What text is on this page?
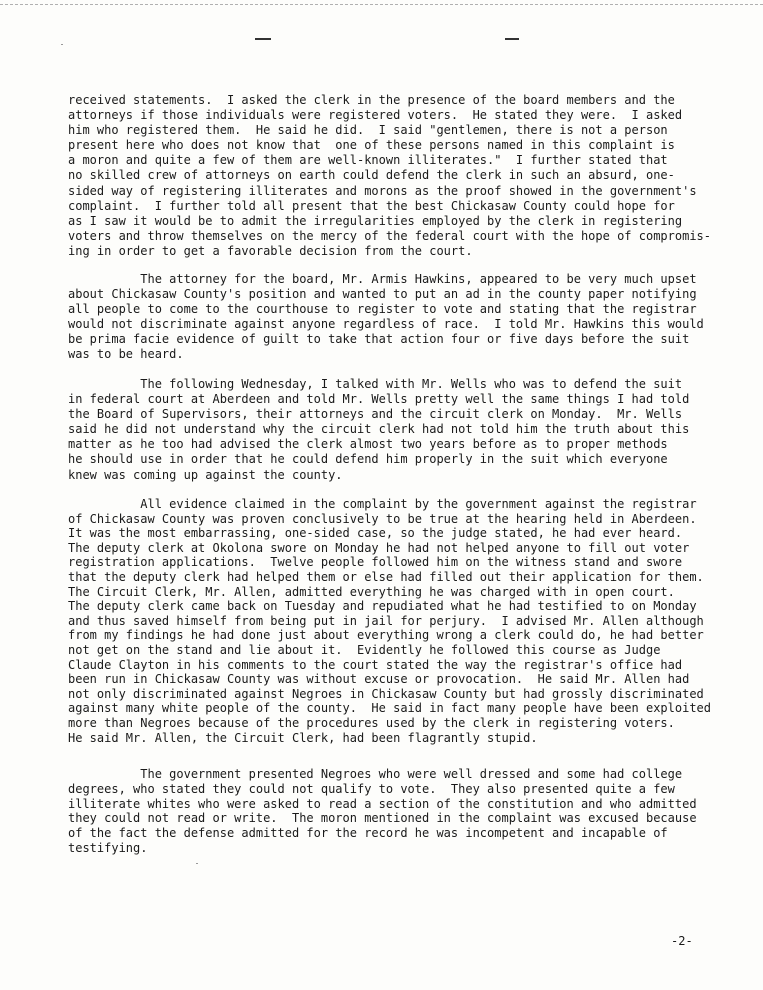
received statements.  I asked the clerk in the presence of the board members and the
attorneys if those individuals were registered voters.  He stated they were.  I asked
him who registered them.  He said he did.  I said "gentlemen, there is not a person
present here who does not know that  one of these persons named in this complaint is
a moron and quite a few of them are well-known illiterates."  I further stated that
no skilled crew of attorneys on earth could defend the clerk in such an absurd, one-
sided way of registering illiterates and morons as the proof showed in the government's
complaint.  I further told all present that the best Chickasaw County could hope for
as I saw it would be to admit the irregularities employed by the clerk in registering
voters and throw themselves on the mercy of the federal court with the hope of compromis-
ing in order to get a favorable decision from the court.
The attorney for the board, Mr. Armis Hawkins, appeared to be very much upset
about Chickasaw County's position and wanted to put an ad in the county paper notifying
all people to come to the courthouse to register to vote and stating that the registrar
would not discriminate against anyone regardless of race.  I told Mr. Hawkins this would
be prima facie evidence of guilt to take that action four or five days before the suit
was to be heard.
The following Wednesday, I talked with Mr. Wells who was to defend the suit
in federal court at Aberdeen and told Mr. Wells pretty well the same things I had told
the Board of Supervisors, their attorneys and the circuit clerk on Monday.  Mr. Wells
said he did not understand why the circuit clerk had not told him the truth about this
matter as he too had advised the clerk almost two years before as to proper methods
he should use in order that he could defend him properly in the suit which everyone
knew was coming up against the county.
All evidence claimed in the complaint by the government against the registrar
of Chickasaw County was proven conclusively to be true at the hearing held in Aberdeen.
It was the most embarrassing, one-sided case, so the judge stated, he had ever heard.
The deputy clerk at Okolona swore on Monday he had not helped anyone to fill out voter
registration applications.  Twelve people followed him on the witness stand and swore
that the deputy clerk had helped them or else had filled out their application for them.
The Circuit Clerk, Mr. Allen, admitted everything he was charged with in open court.
The deputy clerk came back on Tuesday and repudiated what he had testified to on Monday
and thus saved himself from being put in jail for perjury.  I advised Mr. Allen although
from my findings he had done just about everything wrong a clerk could do, he had better
not get on the stand and lie about it.  Evidently he followed this course as Judge
Claude Clayton in his comments to the court stated the way the registrar's office had
been run in Chickasaw County was without excuse or provocation.  He said Mr. Allen had
not only discriminated against Negroes in Chickasaw County but had grossly discriminated
against many white people of the county.  He said in fact many people have been exploited
more than Negroes because of the procedures used by the clerk in registering voters.
He said Mr. Allen, the Circuit Clerk, had been flagrantly stupid.
The government presented Negroes who were well dressed and some had college
degrees, who stated they could not qualify to vote.  They also presented quite a few
illiterate whites who were asked to read a section of the constitution and who admitted
they could not read or write.  The moron mentioned in the complaint was excused because
of the fact the defense admitted for the record he was incompetent and incapable of
testifying.
-2-
